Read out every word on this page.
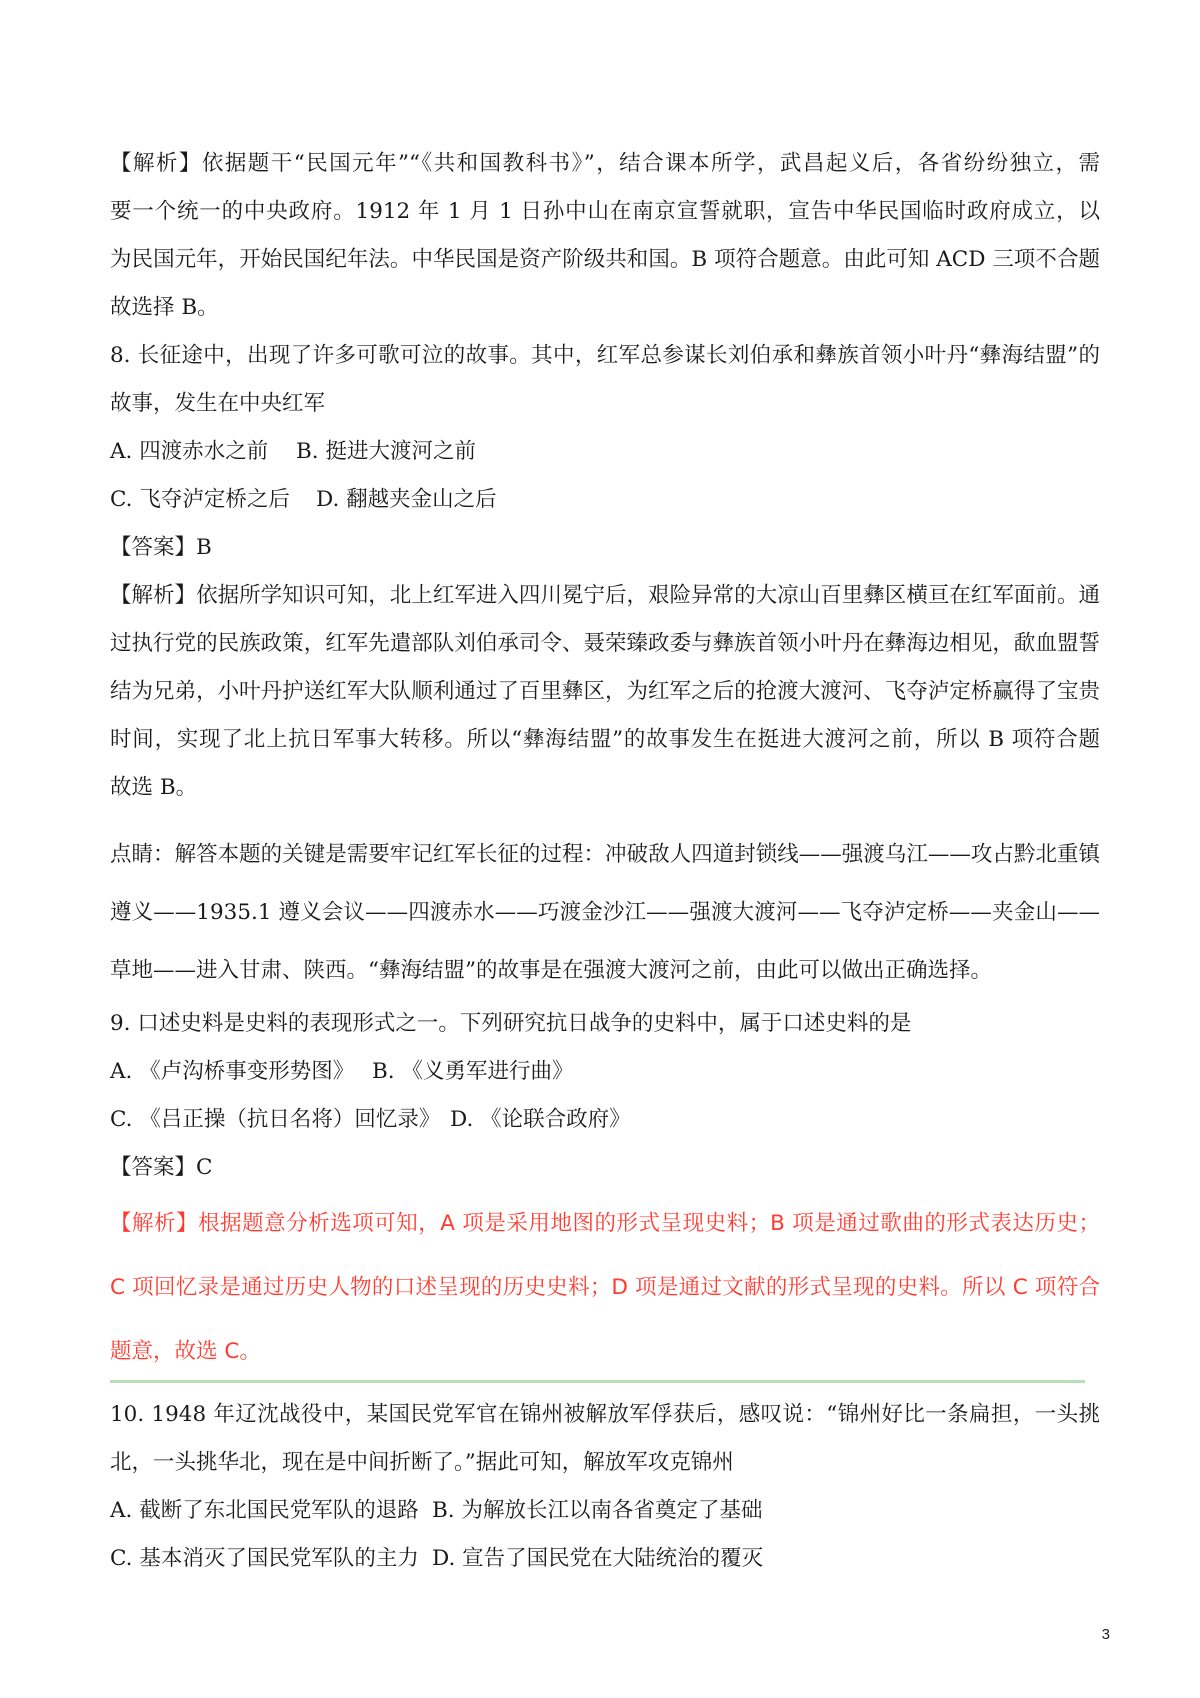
【解析】依据题干“民国元年”“《共和国教科书》”，结合课本所学，武昌起义后，各省纷纷独立，需
要一个统一的中央政府。1912 年 1 月 1 日孙中山在南京宣誓就职，宣告中华民国临时政府成立，以
为民国元年，开始民国纪年法。中华民国是资产阶级共和国。B 项符合题意。由此可知 ACD 三项不合题
故选择 B。
8. 长征途中，出现了许多可歌可泣的故事。其中，红军总参谋长刘伯承和彝族首领小叶丹“彝海结盟”的
故事，发生在中央红军
A. 四渡赤水之前	B. 挺进大渡河之前
C. 飞夺泸定桥之后	D. 翻越夹金山之后
【答案】B
【解析】依据所学知识可知，北上红军进入四川冕宁后，艰险异常的大凉山百里彝区横亘在红军面前。通
过执行党的民族政策，红军先遣部队刘伯承司令、聂荣臻政委与彝族首领小叶丹在彝海边相见，歃血盟誓
结为兄弟，小叶丹护送红军大队顺利通过了百里彝区，为红军之后的抢渡大渡河、飞夺泸定桥赢得了宝贵
时间，实现了北上抗日军事大转移。所以“彝海结盟”的故事发生在挺进大渡河之前，所以 B 项符合题
故选 B。
点睛：解答本题的关键是需要牢记红军长征的过程：冲破敌人四道封锁线——强渡乌江——攻占黔北重镇
遵义——1935.1 遵义会议——四渡赤水——巧渡金沙江——强渡大渡河——飞夺泸定桥——夹金山——
草地——进入甘肃、陕西。“彝海结盟”的故事是在强渡大渡河之前，由此可以做出正确选择。
9. 口述史料是史料的表现形式之一。下列研究抗日战争的史料中，属于口述史料的是
A. 《卢沟桥事变形势图》 B. 《义勇军进行曲》
C. 《吕正操（抗日名将）回忆录》 D. 《论联合政府》
【答案】C
【解析】根据题意分析选项可知，A 项是采用地图的形式呈现史料；B 项是通过歌曲的形式表达历史；
C 项回忆录是通过历史人物的口述呈现的历史史料；D 项是通过文献的形式呈现的史料。所以 C 项符合
题意，故选 C。
10. 1948 年辽沈战役中，某国民党军官在锦州被解放军俘获后，感叹说：“锦州好比一条扁担，一头挑
北，一头挑华北，现在是中间折断了。”据此可知，解放军攻克锦州
A. 截断了东北国民党军队的退路 B. 为解放长江以南各省奠定了基础
C. 基本消灭了国民党军队的主力 D. 宣告了国民党在大陆统治的覆灭
3
